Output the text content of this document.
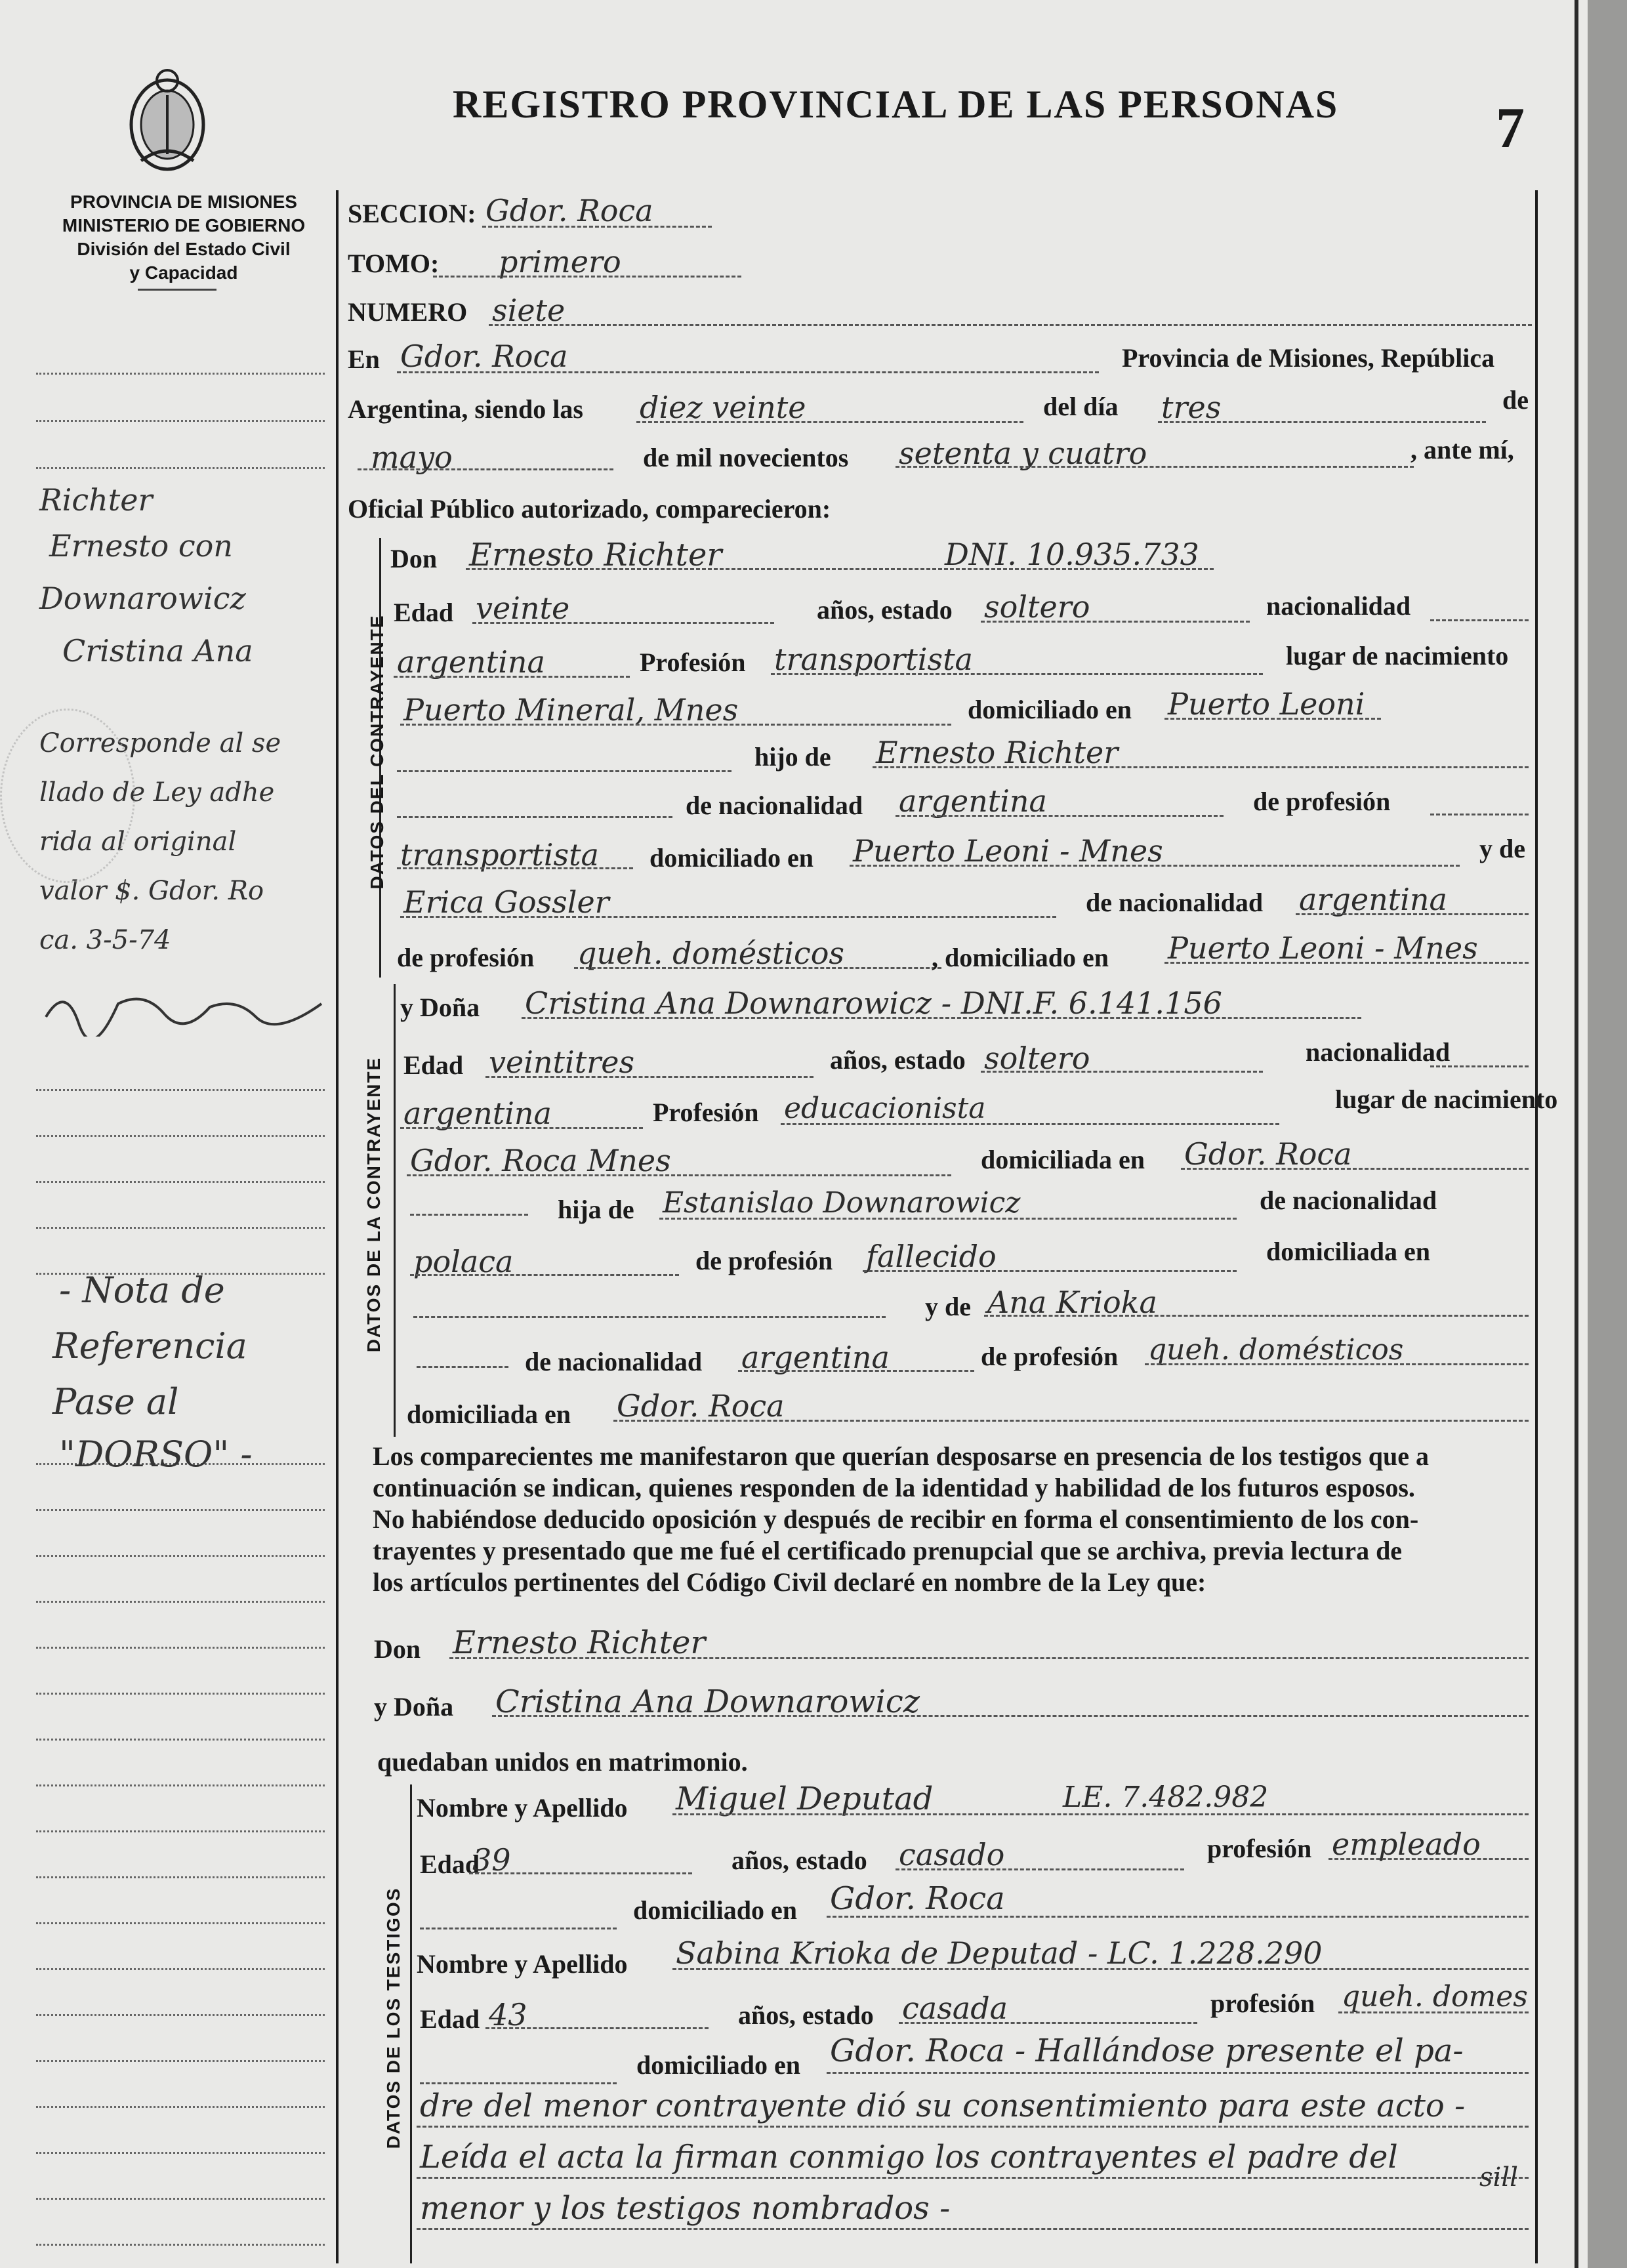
REGISTRO PROVINCIAL DE LAS PERSONAS	7
PROVINCIA DE MISIONES
MINISTERIO DE GOBIERNO
División del Estado Civil
y Capacidad
Richter
Ernesto con
Downarowicz
Cristina Ana
Corresponde al se
llado de Ley adhe
rida al original
valor $. Gdor. Ro
ca. 3-5-74
- Nota de
Referencia
Pase al
"DORSO" -
SECCION: Gdor. Roca
TOMO: primero
NUMERO siete
En Gdor. Roca	Provincia de Misiones, República
Argentina, siendo las diez veinte	del día tres	de
mayo	de mil novecientos setenta y cuatro	, ante mí,
Oficial Público autorizado, comparecieron:
DATOS DEL CONTRAYENTE
Don Ernesto Richter	DNI. 10.935.733
Edad veinte	años, estado soltero	nacionalidad
argentina	Profesión transportista	lugar de nacimiento
Puerto Mineral, Mnes	domiciliado en Puerto Leoni
hijo de Ernesto Richter
de nacionalidad argentina	de profesión
transportista domiciliado en Puerto Leoni - Mnes	y de
Erica Gossler	de nacionalidad argentina
de profesión queh. domésticos	, domiciliado en Puerto Leoni - Mnes
DATOS DE LA CONTRAYENTE
y Doña Cristina Ana Downarowicz - DNI.F. 6.141.156
Edad veintitres	años, estado soltero	nacionalidad
argentina	Profesión educacionista	lugar de nacimiento
Gdor. Roca Mnes	domiciliada en Gdor. Roca
hija de Estanislao Downarowicz	de nacionalidad
polaca	de profesión fallecido	domiciliada en
y de Ana Krioka
de nacionalidad argentina	de profesión queh. domésticos
domiciliada en Gdor. Roca
Los comparecientes me manifestaron que querían desposarse en presencia de los testigos que a
continuación se indican, quienes responden de la identidad y habilidad de los futuros esposos.
No habiéndose deducido oposición y después de recibir en forma el consentimiento de los con-
trayentes y presentado que me fué el certificado prenupcial que se archiva, previa lectura de
los artículos pertinentes del Código Civil declaré en nombre de la Ley que:
Don Ernesto Richter
y Doña Cristina Ana Downarowicz
quedaban unidos en matrimonio.
DATOS DE LOS TESTIGOS
Nombre y Apellido Miguel Deputad	LE. 7.482.982
Edad
39	años, estado casado	profesión empleado
domiciliado en Gdor. Roca
Nombre y Apellido Sabina Krioka de Deputad - LC. 1.228.290
Edad 43	años, estado casada	profesión queh. domes
domiciliado en Gdor. Roca - Hallándose presente el pa-
dre del menor contrayente dió su consentimiento para este acto -
Leída el acta la firman conmigo los contrayentes el padre del
menor y los testigos nombrados -
sill
